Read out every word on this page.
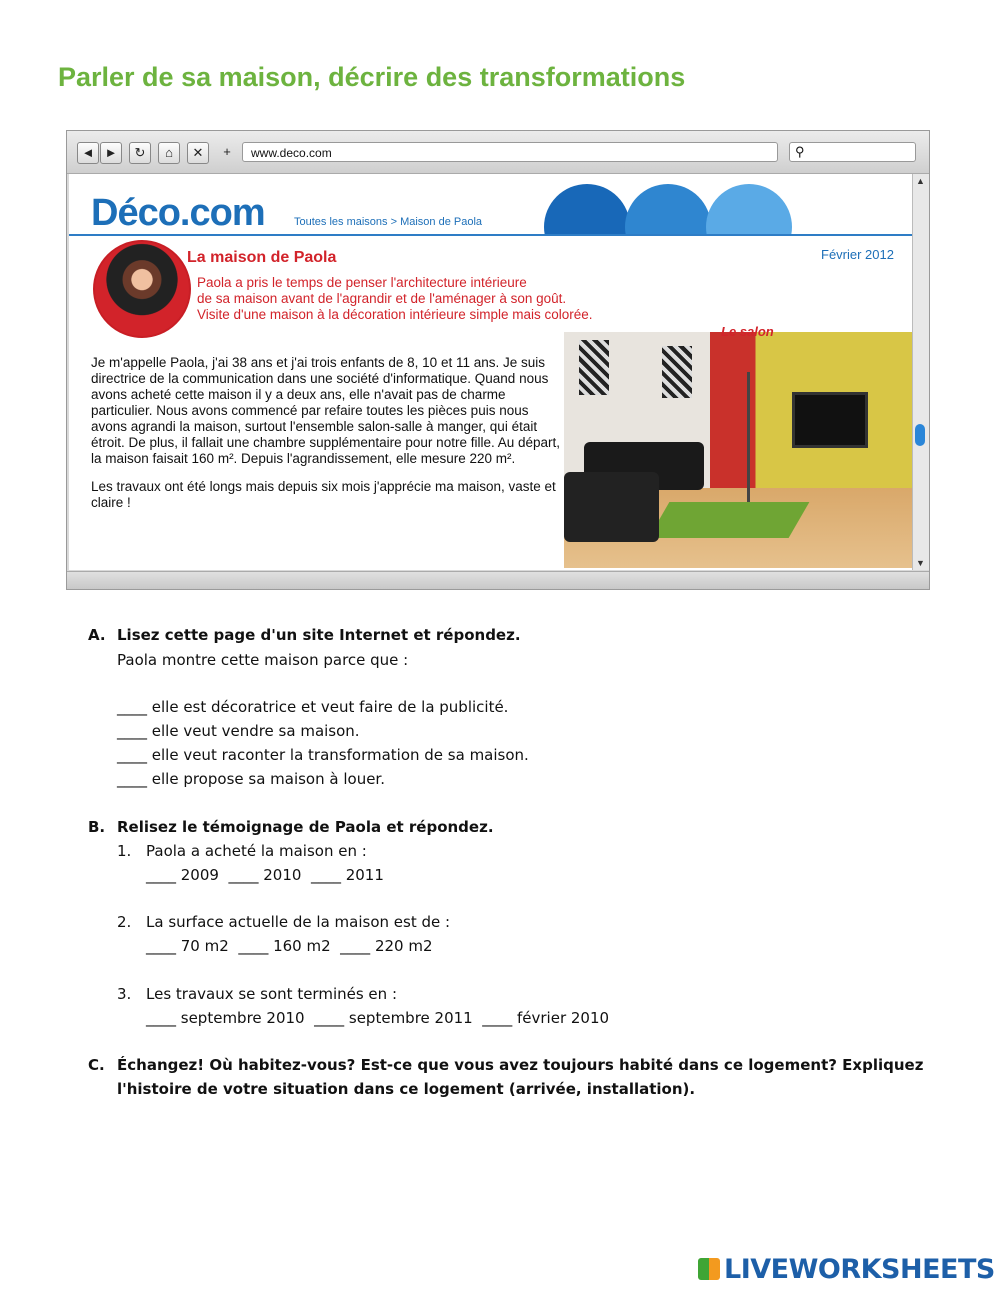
Parler de sa maison, décrire des transformations
◄ ►	↻	⌂	✕	+	www.deco.com	⚲
Déco.com	Toutes les maisons > Maison de Paola
La maison de Paola	Février 2012
Paola a pris le temps de penser l'architecture intérieure
de sa maison avant de l'agrandir et de l'aménager à son goût.
Visite d'une maison à la décoration intérieure simple mais colorée.

Je m'appelle Paola, j'ai 38 ans et j'ai trois enfants de 8, 10 et 11 ans. Je suis directrice de la communication dans une société d'informatique. Quand nous avons acheté cette maison il y a deux ans, elle n'avait pas de charme particulier. Nous avons commencé par refaire toutes les pièces puis nous avons agrandi la maison, surtout l'ensemble salon-salle à manger, qui était étroit. De plus, il fallait une chambre supplémentaire pour notre fille. Au départ, la maison faisait 160 m². Depuis l'agrandissement, elle mesure 220 m².

Les travaux ont été longs mais depuis six mois j'apprécie ma maison, vaste et claire !

Le salon
▲
▼
A. Lisez cette page d'un site Internet et répondez.
Paola montre cette maison parce que :
____ elle est décoratrice et veut faire de la publicité.
____ elle veut vendre sa maison.
____ elle veut raconter la transformation de sa maison.
____ elle propose sa maison à louer.
B. Relisez le témoignage de Paola et répondez.
1. Paola a acheté la maison en :
____ 2009  ____ 2010  ____ 2011
2. La surface actuelle de la maison est de :
____ 70 m2  ____ 160 m2  ____ 220 m2
3. Les travaux se sont terminés en :
____ septembre 2010  ____ septembre 2011  ____ février 2010
C. Échangez! Où habitez-vous? Est-ce que vous avez toujours habité dans ce logement? Expliquez
l'histoire de votre situation dans ce logement (arrivée, installation).
LIVEWORKSHEETS
